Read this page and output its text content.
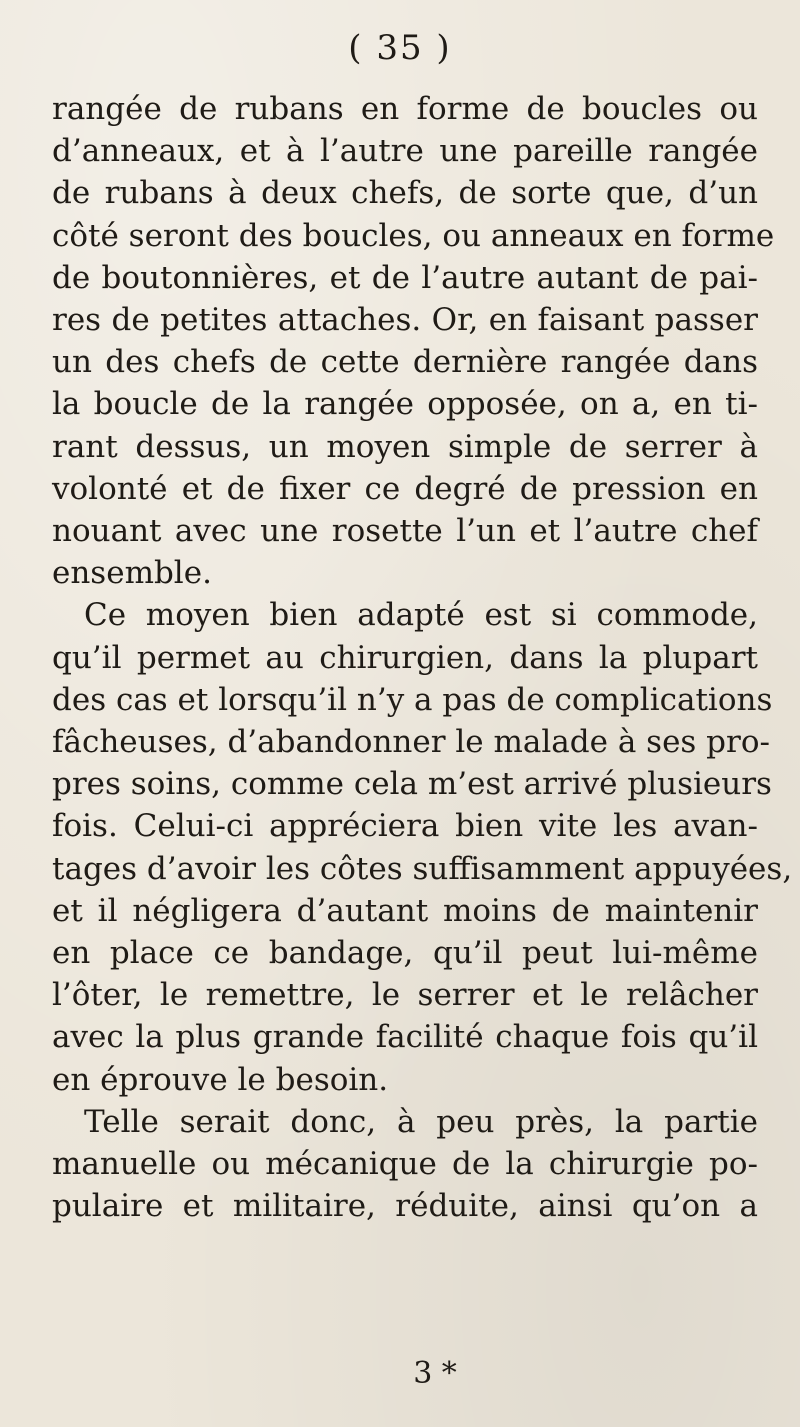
( 35 )
rangée de rubans en forme de boucles ou
d’anneaux, et à l’autre une pareille rangée
de rubans à deux chefs, de sorte que, d’un
côté seront des boucles, ou anneaux en forme
de boutonnières, et de l’autre autant de pai-
res de petites attaches. Or, en faisant passer
un des chefs de cette dernière rangée dans
la boucle de la rangée opposée, on a, en ti-
rant dessus, un moyen simple de serrer à
volonté et de fixer ce degré de pression en
nouant avec une rosette l’un et l’autre chef
ensemble.
Ce moyen bien adapté est si commode,
qu’il permet au chirurgien, dans la plupart
des cas et lorsqu’il n’y a pas de complications
fâcheuses, d’abandonner le malade à ses pro-
pres soins, comme cela m’est arrivé plusieurs
fois. Celui-ci appréciera bien vite les avan-
tages d’avoir les côtes suffisamment appuyées,
et il négligera d’autant moins de maintenir
en place ce bandage, qu’il peut lui-même
l’ôter, le remettre, le serrer et le relâcher
avec la plus grande facilité chaque fois qu’il
en éprouve le besoin.
Telle serait donc, à peu près, la partie
manuelle ou mécanique de la chirurgie po-
pulaire et militaire, réduite, ainsi qu’on a
3 *
